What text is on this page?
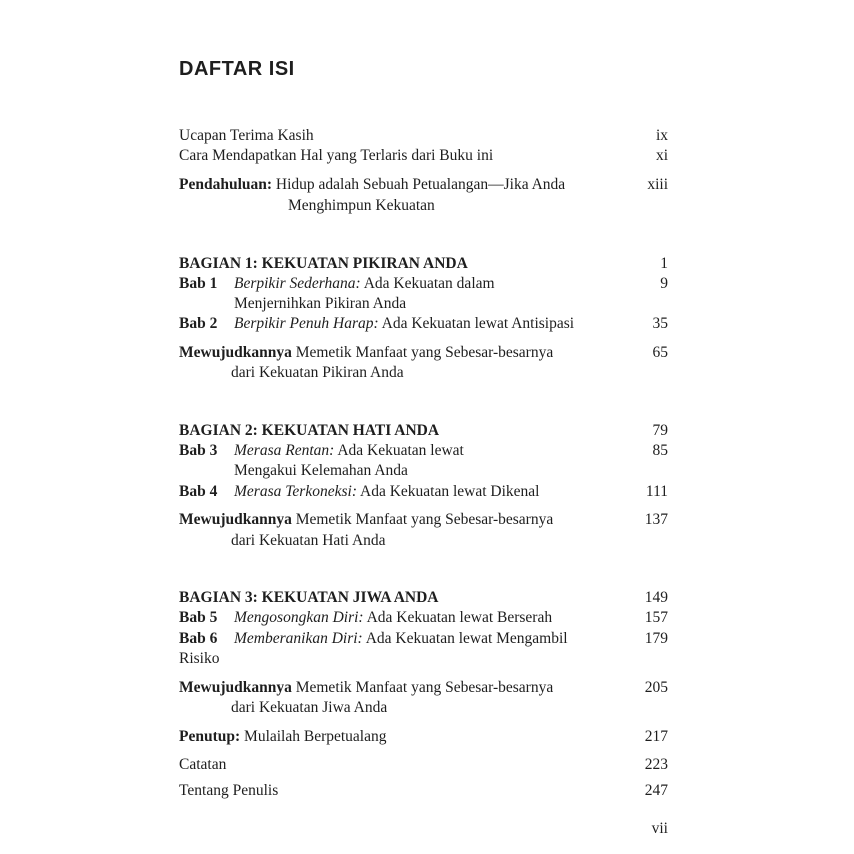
DAFTAR ISI
Ucapan Terima Kasih	ix
Cara Mendapatkan Hal yang Terlaris dari Buku ini	xi
Pendahuluan: Hidup adalah Sebuah Petualangan—Jika Anda	xiii
Menghimpun Kekuatan
BAGIAN 1: KEKUATAN PIKIRAN ANDA	1
Bab 1 Berpikir Sederhana: Ada Kekuatan dalam	9
Menjernihkan Pikiran Anda
Bab 2 Berpikir Penuh Harap: Ada Kekuatan lewat Antisipasi	35
Mewujudkannya Memetik Manfaat yang Sebesar-besarnya	65
dari Kekuatan Pikiran Anda
BAGIAN 2: KEKUATAN HATI ANDA	79
Bab 3 Merasa Rentan: Ada Kekuatan lewat	85
Mengakui Kelemahan Anda
Bab 4 Merasa Terkoneksi: Ada Kekuatan lewat Dikenal	111
Mewujudkannya Memetik Manfaat yang Sebesar-besarnya	137
dari Kekuatan Hati Anda
BAGIAN 3: KEKUATAN JIWA ANDA	149
Bab 5 Mengosongkan Diri: Ada Kekuatan lewat Berserah	157
Bab 6 Memberanikan Diri: Ada Kekuatan lewat Mengambil	179
Risiko
Mewujudkannya Memetik Manfaat yang Sebesar-besarnya	205
dari Kekuatan Jiwa Anda
Penutup: Mulailah Berpetualang	217
Catatan	223
Tentang Penulis	247
vii
